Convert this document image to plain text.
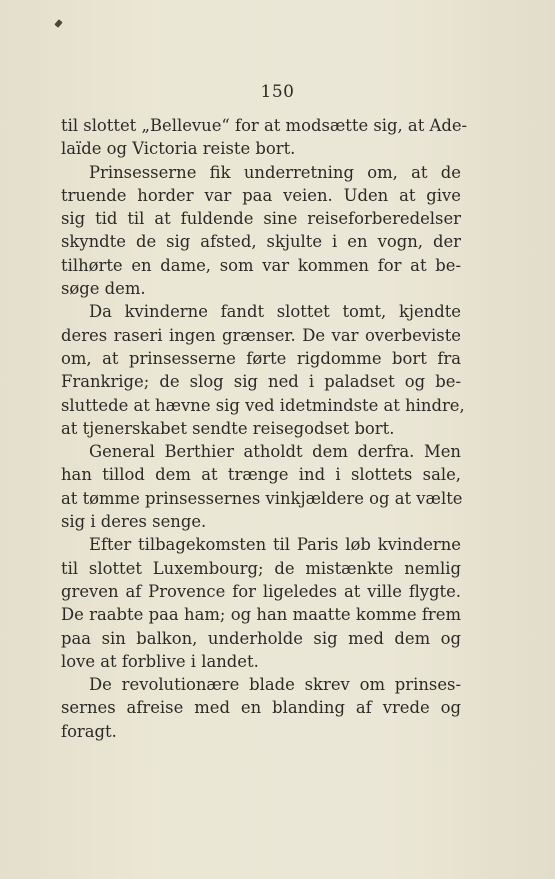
150

til slottet „Bellevue“ for at modsætte sig, at Ade-
laïde og Victoria reiste bort.

Prinsesserne fik underretning om, at de
truende horder var paa veien. Uden at give
sig tid til at fuldende sine reiseforberedelser
skyndte de sig afsted, skjulte i en vogn, der
tilhørte en dame, som var kommen for at be-
søge dem.

Da kvinderne fandt slottet tomt, kjendte
deres raseri ingen grænser. De var overbeviste
om, at prinsesserne førte rigdomme bort fra
Frankrige; de slog sig ned i paladset og be-
sluttede at hævne sig ved idetmindste at hindre,
at tjenerskabet sendte reisegodset bort.

General Berthier atholdt dem derfra. Men
han tillod dem at trænge ind i slottets sale,
at tømme prinsessernes vinkjældere og at vælte
sig i deres senge.

Efter tilbagekomsten til Paris løb kvinderne
til slottet Luxembourg; de mistænkte nemlig
greven af Provence for ligeledes at ville flygte.
De raabte paa ham; og han maatte komme frem
paa sin balkon, underholde sig med dem og
love at forblive i landet.

De revolutionære blade skrev om prinses-
sernes afreise med en blanding af vrede og
foragt.
